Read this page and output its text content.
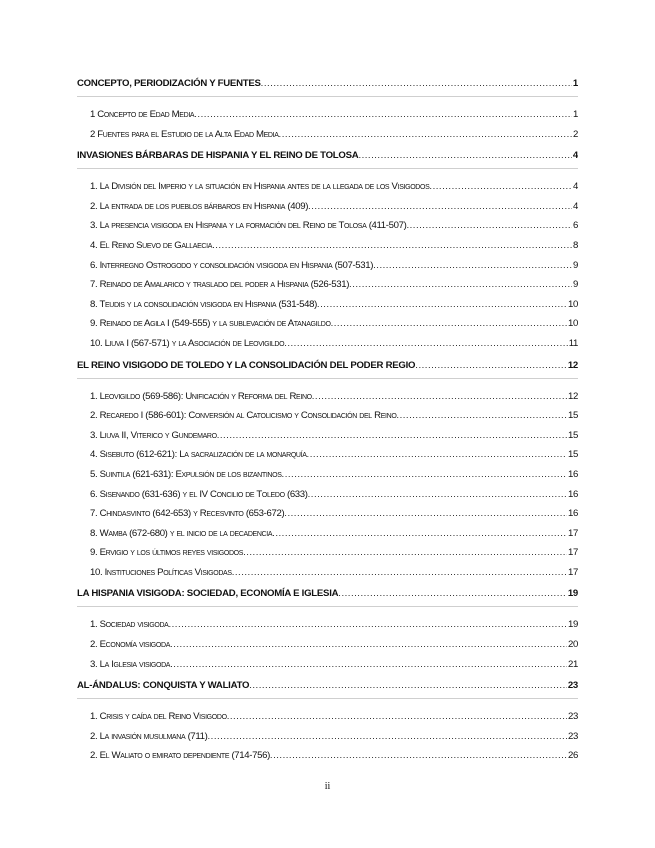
CONCEPTO, PERIODIZACIÓN Y FUENTES .....	1
1 Concepto de Edad Media .....	1
2 Fuentes para el Estudio de la Alta Edad Media .....	2
INVASIONES BÁRBARAS DE HISPANIA Y EL REINO DE TOLOSA .....	4
1. La División del Imperio y la situación en Hispania antes de la llegada de los Visigodos .....	4
2. La entrada de los pueblos bárbaros en Hispania (409) .....	4
3. La presencia visigoda en Hispania y la formación del Reino de Tolosa (411-507) .....	6
4. El Reino Suevo de Gallaecia .....	8
6. Interregno Ostrogodo y consolidación visigoda en Hispania (507-531) .....	9
7. Reinado de Amalarico y traslado del poder a Hispania (526-531) .....	9
8. Teudis y la consolidación visigoda en Hispania (531-548) .....	10
9. Reinado de Agila I (549-555) y la sublevación de Atanagildo .....	10
10. Liuva I (567-571) y la Asociación de Leovigildo .....	11
EL REINO VISIGODO DE TOLEDO Y LA CONSOLIDACIÓN DEL PODER REGIO .....	12
1. Leovigildo (569-586): Unificación y Reforma del Reino .....	12
2. Recaredo I (586-601): Conversión al Catolicismo y Consolidación del Reino .....	15
3. Liuva II, Viterico y Gundemaro .....	15
4. Sisebuto (612-621): La sacralización de la monarquía .....	15
5. Suintila (621-631): Expulsión de los bizantinos .....	16
6. Sisenando (631-636) y el IV Concilio de Toledo (633) .....	16
7. Chindasvinto (642-653) y Recesvinto (653-672) .....	16
8. Wamba (672-680) y el inicio de la decadencia .....	17
9. Ervigio y los últimos reyes visigodos .....	17
10. Instituciones Políticas Visigodas .....	17
LA HISPANIA VISIGODA: SOCIEDAD, ECONOMÍA E IGLESIA .....	19
1. Sociedad visigoda .....	19
2. Economía visigoda .....	20
3. La Iglesia visigoda .....	21
AL-ÁNDALUS: CONQUISTA Y WALIATO .....	23
1. Crisis y caída del Reino Visigodo .....	23
2. La invasión musulmana (711) .....	23
2. El Waliato o emirato dependiente (714-756) .....	26
ii
